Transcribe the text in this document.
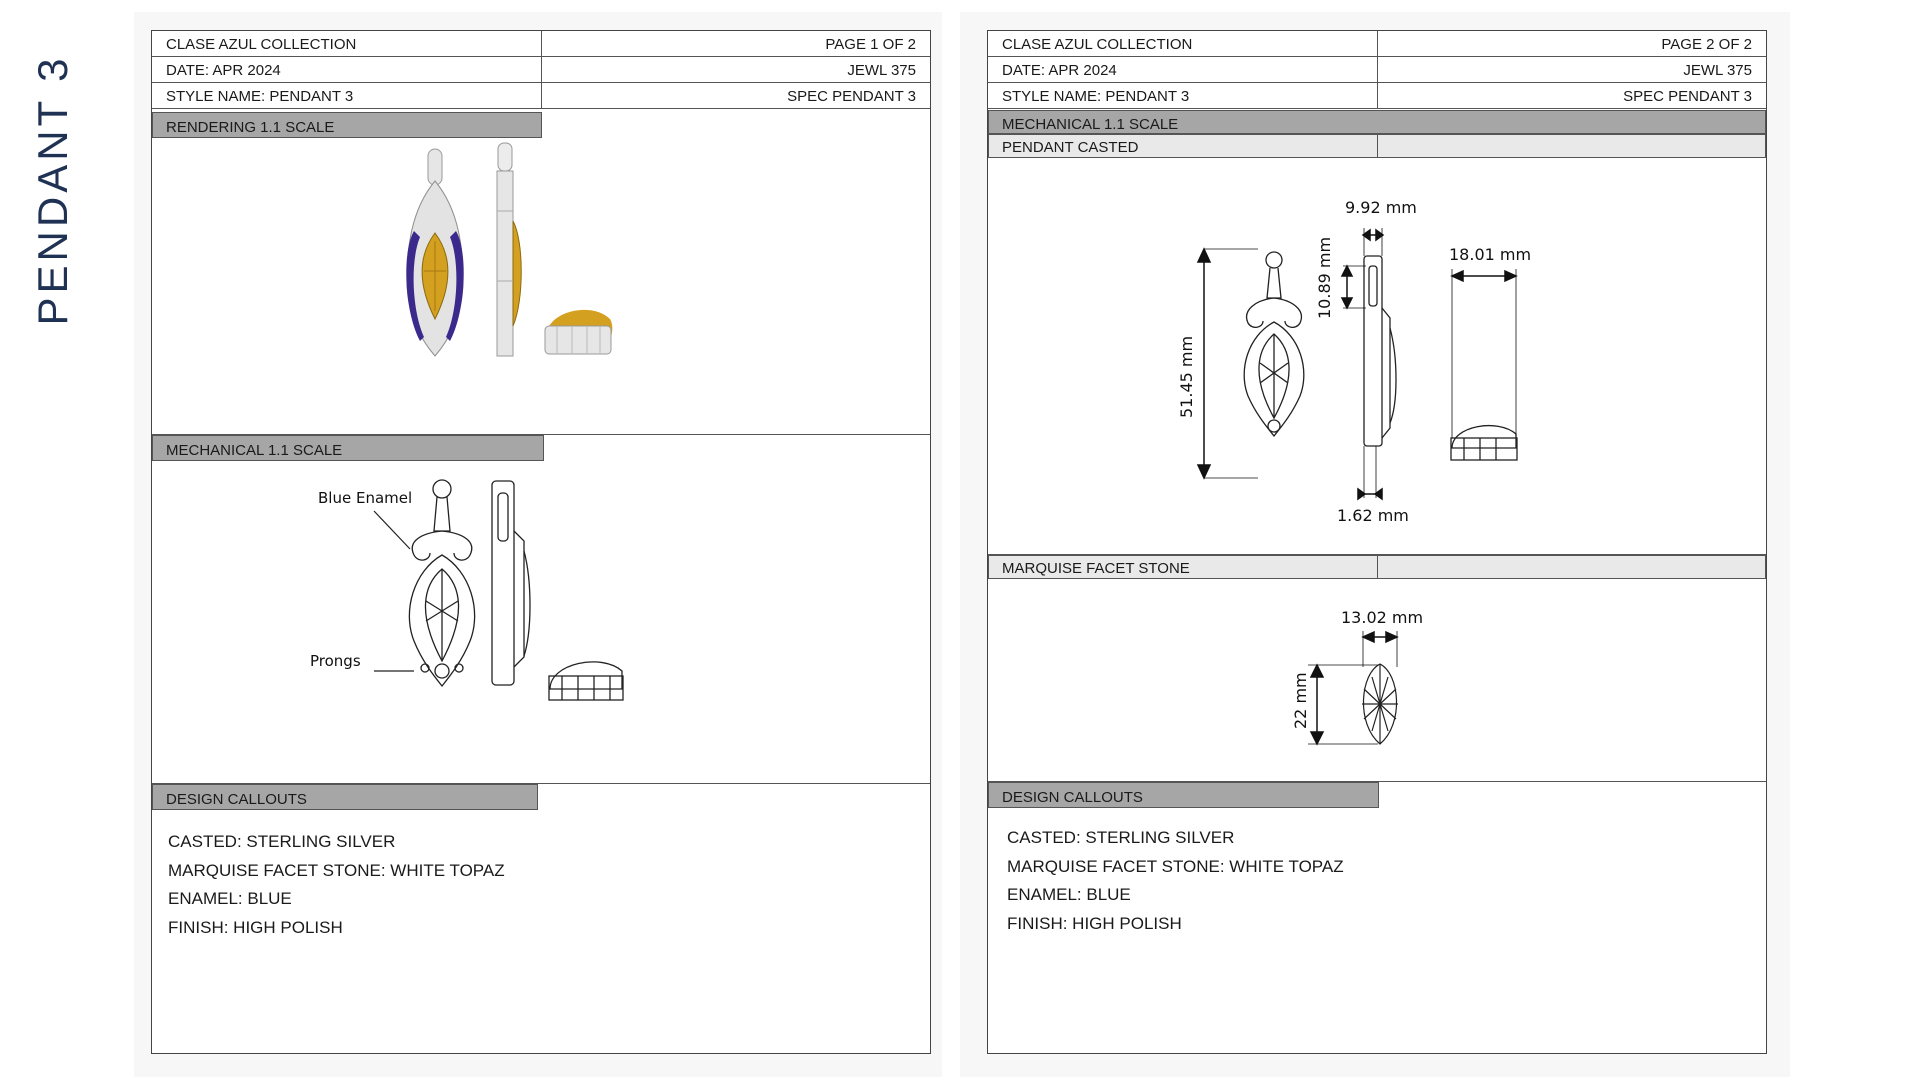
PENDANT 3
CLASE AZUL COLLECTION	PAGE 1 OF 2
DATE: APR 2024	JEWL 375
STYLE NAME: PENDANT 3	SPEC PENDANT 3
RENDERING 1.1 SCALE
MECHANICAL 1.1 SCALE
Blue Enamel
Prongs
DESIGN CALLOUTS
CASTED: STERLING SILVER
MARQUISE FACET STONE: WHITE TOPAZ
ENAMEL: BLUE
FINISH: HIGH POLISH
CLASE AZUL COLLECTION	PAGE 2 OF 2
DATE: APR 2024	JEWL 375
STYLE NAME: PENDANT 3	SPEC PENDANT 3
MECHANICAL 1.1 SCALE
PENDANT CASTED
9.92 mm
18.01 mm
1.62 mm
51.45 mm
10.89 mm
MARQUISE FACET STONE
13.02 mm
22 mm
DESIGN CALLOUTS
CASTED: STERLING SILVER
MARQUISE FACET STONE: WHITE TOPAZ
ENAMEL: BLUE
FINISH: HIGH POLISH
